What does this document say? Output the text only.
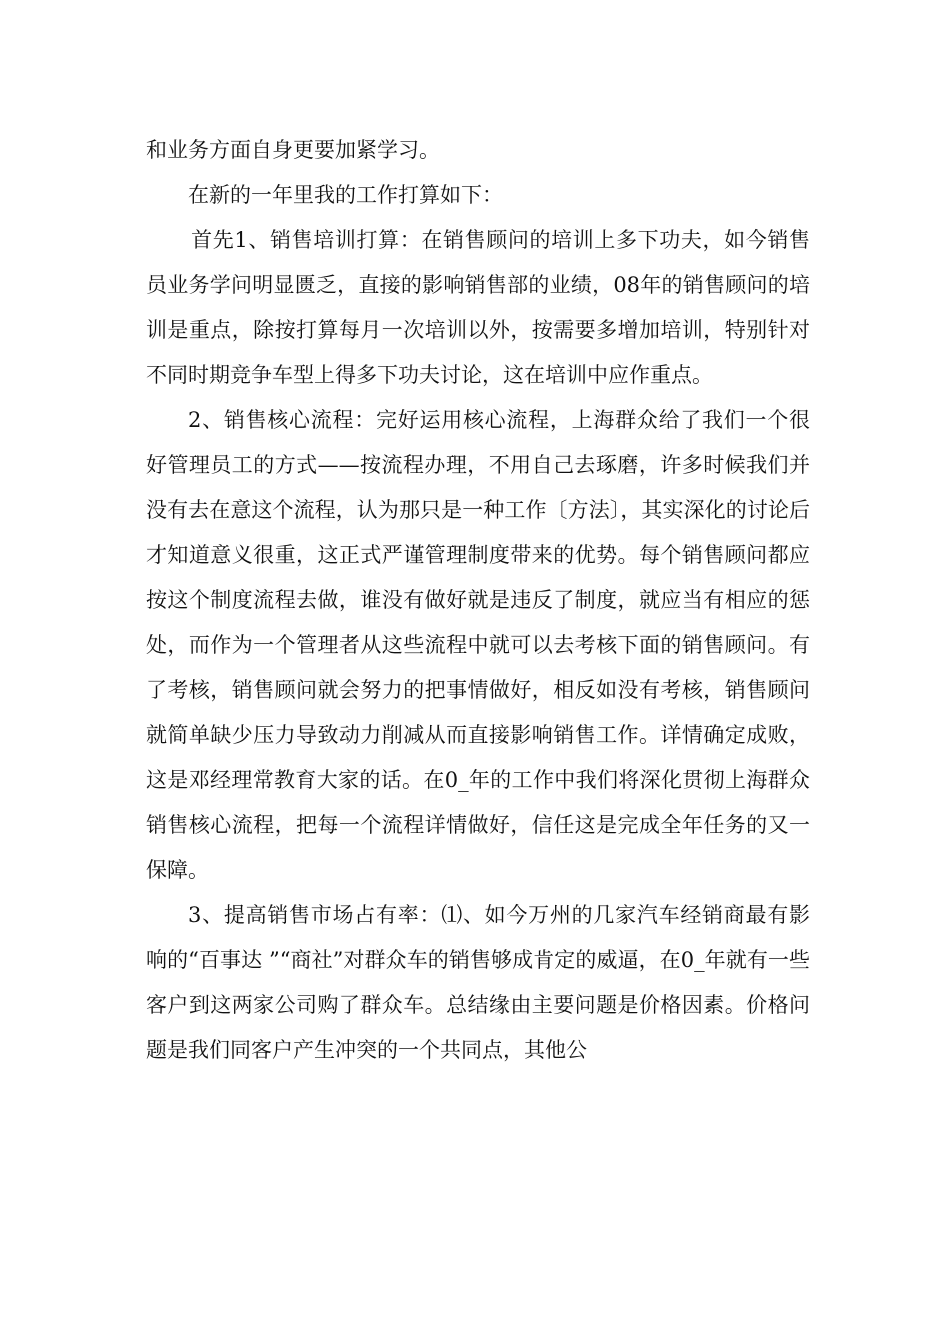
和业务方面自身更要加紧学习。

在新的一年里我的工作打算如下：

首先1、销售培训打算：在销售顾问的培训上多下功夫，如今销售员业务学问明显匮乏，直接的影响销售部的业绩，08年的销售顾问的培训是重点，除按打算每月一次培训以外，按需要多增加培训，特别针对不同时期竞争车型上得多下功夫讨论，这在培训中应作重点。

2、销售核心流程：完好运用核心流程，上海群众给了我们一个很好管理员工的方式——按流程办理，不用自己去琢磨，许多时候我们并没有去在意这个流程，认为那只是一种工作〔方法〕，其实深化的讨论后才知道意义很重，这正式严谨管理制度带来的优势。每个销售顾问都应按这个制度流程去做，谁没有做好就是违反了制度，就应当有相应的惩处，而作为一个管理者从这些流程中就可以去考核下面的销售顾问。有了考核，销售顾问就会努力的把事情做好，相反如没有考核，销售顾问就简单缺少压力导致动力削减从而直接影响销售工作。详情确定成败，这是邓经理常教育大家的话。在0_年的工作中我们将深化贯彻上海群众销售核心流程，把每一个流程详情做好，信任这是完成全年任务的又一保障。

3、提高销售市场占有率：⑴、如今万州的几家汽车经销商最有影响的“百事达 ”“商社”对群众车的销售够成肯定的威逼，在0_年就有一些客户到这两家公司购了群众车。总结缘由主要问题是价格因素。价格问题是我们同客户产生冲突的一个共同点，其他公
